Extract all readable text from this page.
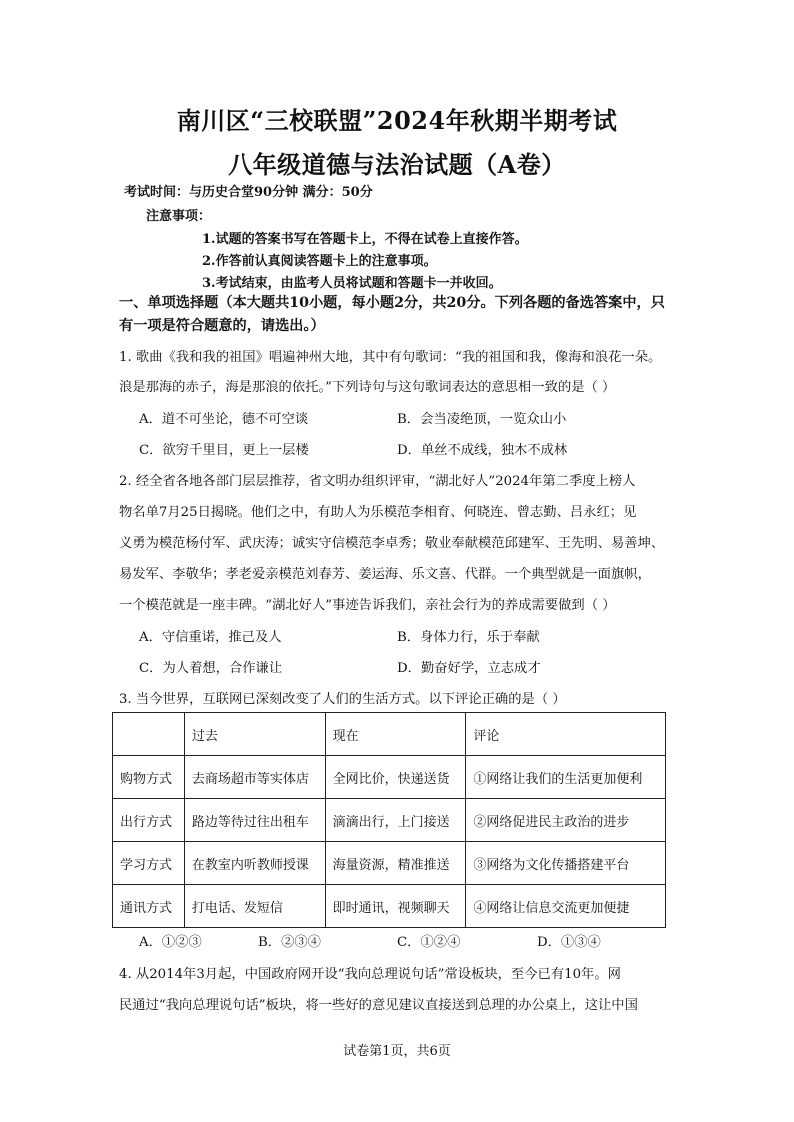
南川区“三校联盟”2024年秋期半期考试
八年级道德与法治试题（A卷）
考试时间：与历史合堂90分钟 满分：50分
注意事项：
1.试题的答案书写在答题卡上，不得在试卷上直接作答。
2.作答前认真阅读答题卡上的注意事项。
3.考试结束，由监考人员将试题和答题卡一并收回。
一、单项选择题（本大题共10小题，每小题2分，共20分。下列各题的备选答案中，只
有一项是符合题意的，请选出。）
1. 歌曲《我和我的祖国》唱遍神州大地，其中有句歌词：“我的祖国和我，像海和浪花一朵。
浪是那海的赤子，海是那浪的依托。”下列诗句与这句歌词表达的意思相一致的是（ ）
A．道不可坐论，德不可空谈	B．会当凌绝顶，一览众山小
C．欲穷千里目，更上一层楼	D．单丝不成线，独木不成林
2. 经全省各地各部门层层推荐，省文明办组织评审，“湖北好人”2024年第二季度上榜人
物名单7月25日揭晓。他们之中，有助人为乐模范李相育、何晓连、曾志勤、吕永红；见
义勇为模范杨付军、武庆涛；诚实守信模范李卓秀；敬业奉献模范邱建军、王先明、易善坤、
易发军、李敬华；孝老爱亲模范刘春芳、姜运海、乐文喜、代群。一个典型就是一面旗帜，
一个模范就是一座丰碑。“湖北好人”事迹告诉我们，亲社会行为的养成需要做到（ ）
A．守信重诺，推己及人	B．身体力行，乐于奉献
C．为人着想，合作谦让	D．勤奋好学，立志成才
3. 当今世界，互联网已深刻改变了人们的生活方式。以下评论正确的是（ ）
	过去	现在	评论
购物方式	去商场超市等实体店	全网比价，快递送货	①网络让我们的生活更加便利
出行方式	路边等待过往出租车	滴滴出行，上门接送	②网络促进民主政治的进步
学习方式	在教室内听教师授课	海量资源，精准推送	③网络为文化传播搭建平台
通讯方式	打电话、发短信	即时通讯，视频聊天	④网络让信息交流更加便捷
A．①②③	B．②③④	C．①②④	D．①③④
4. 从2014年3月起，中国政府网开设“我向总理说句话”常设板块，至今已有10年。网
民通过“我向总理说句话”板块，将一些好的意见建议直接送到总理的办公桌上，这让中国
试卷第1页，共6页
